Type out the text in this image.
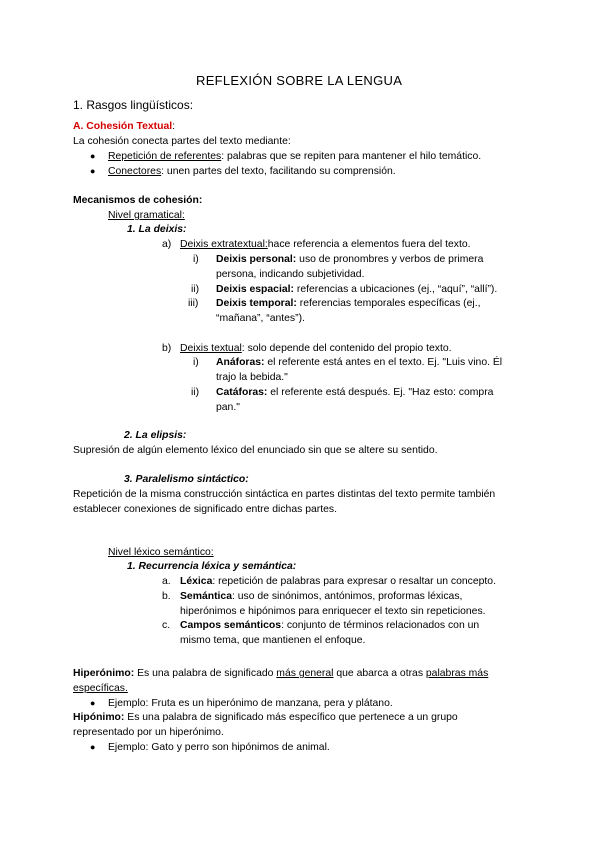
REFLEXIÓN SOBRE LA LENGUA
1. Rasgos lingüísticos:
A. Cohesión Textual:
La cohesión conecta partes del texto mediante:
● Repetición de referentes: palabras que se repiten para mantener el hilo temático.
● Conectores: unen partes del texto, facilitando su comprensión.
Mecanismos de cohesión:
Nivel gramatical:
1. La deixis:
a) Deixis extratextual:hace referencia a elementos fuera del texto.
i) Deixis personal: uso de pronombres y verbos de primera
persona, indicando subjetividad.
ii) Deixis espacial: referencias a ubicaciones (ej., “aquí”, “allí”).
iii) Deixis temporal: referencias temporales específicas (ej.,
“mañana”, “antes”).
b) Deixis textual: solo depende del contenido del propio texto.
i) Anáforas: el referente está antes en el texto. Ej. "Luis vino. Él
trajo la bebida."
ii) Catáforas: el referente está después. Ej. "Haz esto: compra
pan."
2. La elipsis:
Supresión de algún elemento léxico del enunciado sin que se altere su sentido.
3. Paralelismo sintáctico:
Repetición de la misma construcción sintáctica en partes distintas del texto permite también
establecer conexiones de significado entre dichas partes.
Nivel léxico semántico:
1. Recurrencia léxica y semántica:
a. Léxica: repetición de palabras para expresar o resaltar un concepto.
b. Semántica: uso de sinónimos, antónimos, proformas léxicas,
hiperónimos e hipónimos para enriquecer el texto sin repeticiones.
c. Campos semánticos: conjunto de términos relacionados con un
mismo tema, que mantienen el enfoque.
Hiperónimo: Es una palabra de significado más general que abarca a otras palabras más
específicas.
● Ejemplo: Fruta es un hiperónimo de manzana, pera y plátano.
Hipónimo: Es una palabra de significado más específico que pertenece a un grupo
representado por un hiperónimo.
● Ejemplo: Gato y perro son hipónimos de animal.
